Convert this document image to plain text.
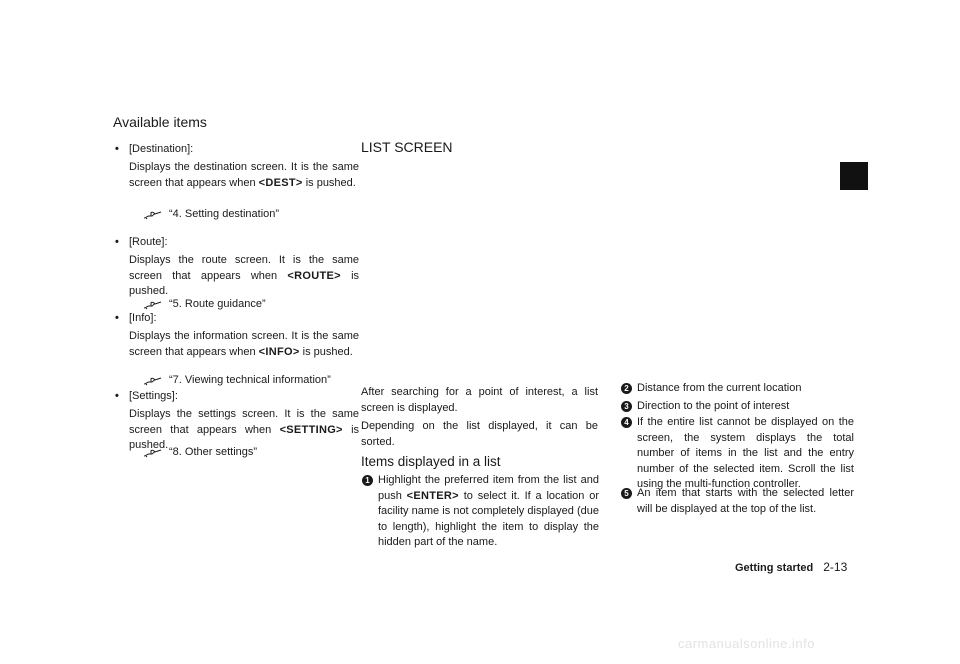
Available items
• [Destination]:
Displays the destination screen. It is the same screen that appears when <DEST> is pushed.
“4. Setting destination”
• [Route]:
Displays the route screen. It is the same screen that appears when <ROUTE> is pushed.
“5. Route guidance”
• [Info]:
Displays the information screen. It is the same screen that appears when <INFO> is pushed.
“7. Viewing technical information”
• [Settings]:
Displays the settings screen. It is the same screen that appears when <SETTING> is pushed.
“8. Other settings”
LIST SCREEN
After searching for a point of interest, a list screen is displayed.
Depending on the list displayed, it can be sorted.
Items displayed in a list
1 Highlight the preferred item from the list and push <ENTER> to select it. If a location or facility name is not completely displayed (due to length), highlight the item to display the hidden part of the name.
2 Distance from the current location
3 Direction to the point of interest
4 If the entire list cannot be displayed on the screen, the system displays the total number of items in the list and the entry number of the selected item. Scroll the list using the multi-function controller.
5 An item that starts with the selected letter will be displayed at the top of the list.
Getting started 2-13
carmanualsonline.info
